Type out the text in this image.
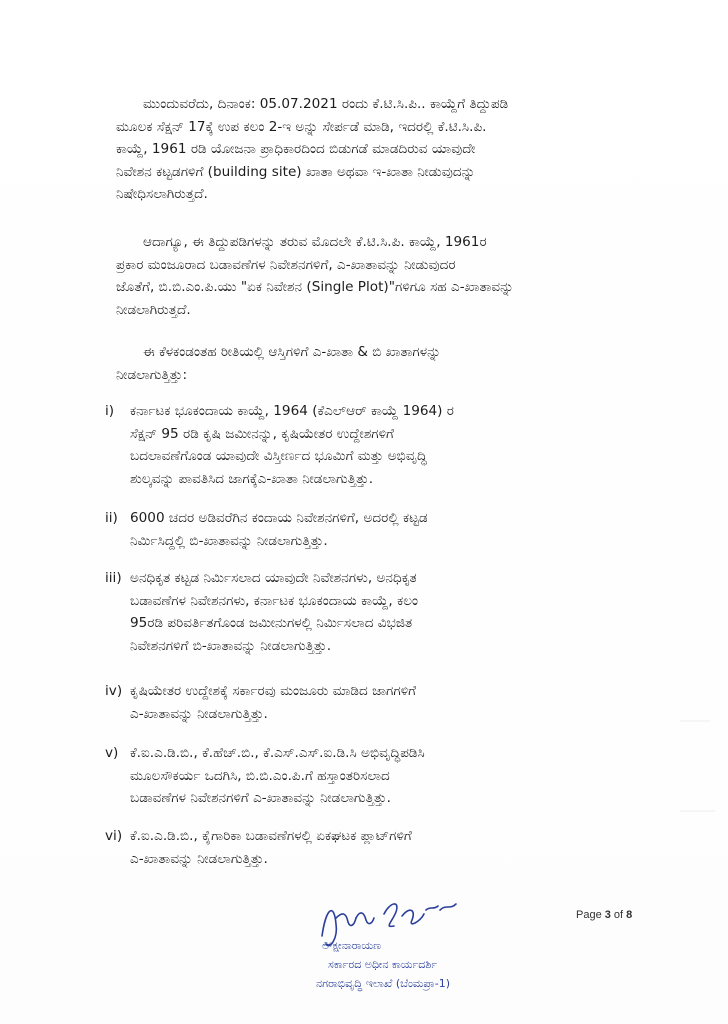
ಮುಂದುವರೆದು, ದಿನಾಂಕ: 05.07.2021 ರಂದು ಕೆ.ಟಿ.ಸಿ.ಪಿ.. ಕಾಯ್ದೆಗೆ ತಿದ್ದುಪಡಿ
ಮೂಲಕ ಸೆಕ್ಷನ್ 17ಕ್ಕೆ ಉಪ ಕಲಂ 2-ಇ ಅನ್ನು ಸೇರ್ಪಡೆ ಮಾಡಿ, ಇದರಲ್ಲಿ ಕೆ.ಟಿ.ಸಿ.ಪಿ.
ಕಾಯ್ದೆ, 1961 ರಡಿ ಯೋಜನಾ ಪ್ರಾಧಿಕಾರದಿಂದ ಬಿಡುಗಡೆ ಮಾಡದಿರುವ ಯಾವುದೇ
ನಿವೇಶನ ಕಟ್ಟಡಗಳಿಗೆ (building site) ಖಾತಾ ಅಥವಾ ಇ-ಖಾತಾ ನೀಡುವುದನ್ನು
ನಿಷೇಧಿಸಲಾಗಿರುತ್ತದೆ.

ಆದಾಗ್ಯೂ, ಈ ತಿದ್ದುಪಡಿಗಳನ್ನು ತರುವ ಮೊದಲೇ ಕೆ.ಟಿ.ಸಿ.ಪಿ. ಕಾಯ್ದೆ, 1961ರ
ಪ್ರಕಾರ ಮಂಜೂರಾದ ಬಡಾವಣೆಗಳ ನಿವೇಶನಗಳಿಗೆ, ಎ-ಖಾತಾವನ್ನು ನೀಡುವುದರ
ಜೊತೆಗೆ, ಬಿ.ಬಿ.ಎಂ.ಪಿ.ಯು "ಏಕ ನಿವೇಶನ (Single Plot)"ಗಳಿಗೂ ಸಹ ಎ-ಖಾತಾವನ್ನು
ನೀಡಲಾಗಿರುತ್ತದೆ.

ಈ ಕೆಳಕಂಡಂತಹ ರೀತಿಯಲ್ಲಿ ಆಸ್ತಿಗಳಿಗೆ ಎ-ಖಾತಾ & ಬಿ ಖಾತಾಗಳನ್ನು
ನೀಡಲಾಗುತ್ತಿತ್ತು:

i)	ಕರ್ನಾಟಕ ಭೂಕಂದಾಯ ಕಾಯ್ದೆ, 1964 (ಕೆಎಲ್‌ಆರ್ ಕಾಯ್ದೆ 1964) ರ
ಸೆಕ್ಷನ್ 95 ರಡಿ ಕೃಷಿ ಜಮೀನನ್ನು, ಕೃಷಿಯೇತರ ಉದ್ದೇಶಗಳಿಗೆ
ಬದಲಾವಣೆಗೊಂಡ ಯಾವುದೇ ವಿಸ್ತೀರ್ಣದ ಭೂಮಿಗೆ ಮತ್ತು ಅಭಿವೃದ್ಧಿ
ಶುಲ್ಕವನ್ನು ಪಾವತಿಸಿದ ಜಾಗಕ್ಕೆಎ-ಖಾತಾ ನೀಡಲಾಗುತ್ತಿತ್ತು.
ii) 6000 ಚದರ ಅಡಿವರೆಗಿನ ಕಂದಾಯ ನಿವೇಶನಗಳಿಗೆ, ಅದರಲ್ಲಿ ಕಟ್ಟಡ
ನಿರ್ಮಿಸಿದ್ದಲ್ಲಿ ಬಿ-ಖಾತಾವನ್ನು ನೀಡಲಾಗುತ್ತಿತ್ತು.
iii) ಅನಧಿಕೃತ ಕಟ್ಟಡ ನಿರ್ಮಿಸಲಾದ ಯಾವುದೇ ನಿವೇಶನಗಳು, ಅನಧಿಕೃತ
ಬಡಾವಣೆಗಳ ನಿವೇಶನಗಳು, ಕರ್ನಾಟಕ ಭೂಕಂದಾಯ ಕಾಯ್ದೆ, ಕಲಂ
95ರಡಿ ಪರಿವರ್ತಿತಗೊಂಡ ಜಮೀನುಗಳಲ್ಲಿ ನಿರ್ಮಿಸಲಾದ ವಿಭಜಿತ
ನಿವೇಶನಗಳಿಗೆ ಬಿ-ಖಾತಾವನ್ನು ನೀಡಲಾಗುತ್ತಿತ್ತು.
iv) ಕೃಷಿಯೇತರ ಉದ್ದೇಶಕ್ಕೆ ಸರ್ಕಾರವು ಮಂಜೂರು ಮಾಡಿದ ಜಾಗಗಳಿಗೆ
ಎ-ಖಾತಾವನ್ನು ನೀಡಲಾಗುತ್ತಿತ್ತು.
v) ಕೆ.ಐ.ಎ.ಡಿ.ಬಿ., ಕೆ.ಹೆಚ್.ಬಿ., ಕೆ.ಎಸ್.ಎಸ್.ಐ.ಡಿ.ಸಿ ಅಭಿವೃದ್ಧಿಪಡಿಸಿ
ಮೂಲಸೌಕರ್ಯ ಒದಗಿಸಿ, ಬಿ.ಬಿ.ಎಂ.ಪಿ.ಗೆ ಹಸ್ತಾಂತರಿಸಲಾದ
ಬಡಾವಣೆಗಳ ನಿವೇಶನಗಳಿಗೆ ಎ-ಖಾತಾವನ್ನು ನೀಡಲಾಗುತ್ತಿತ್ತು.
vi) ಕೆ.ಐ.ಎ.ಡಿ.ಬಿ., ಕೈಗಾರಿಕಾ ಬಡಾವಣೆಗಳಲ್ಲಿ ಏಕಘಟಕ ಪ್ಲಾಟ್‌ಗಳಿಗೆ
ಎ-ಖಾತಾವನ್ನು ನೀಡಲಾಗುತ್ತಿತ್ತು.
Page 3 of 8
ಲ್ಕ್ಷೀನಾರಾಯಣ
ಸರ್ಕಾರದ ಅಧೀನ ಕಾರ್ಯದರ್ಶಿ
ನಗರಾಭಿವೃದ್ಧಿ ಇಲಾಖೆ (ಬೆಂಮಪ್ರಾ-1)
